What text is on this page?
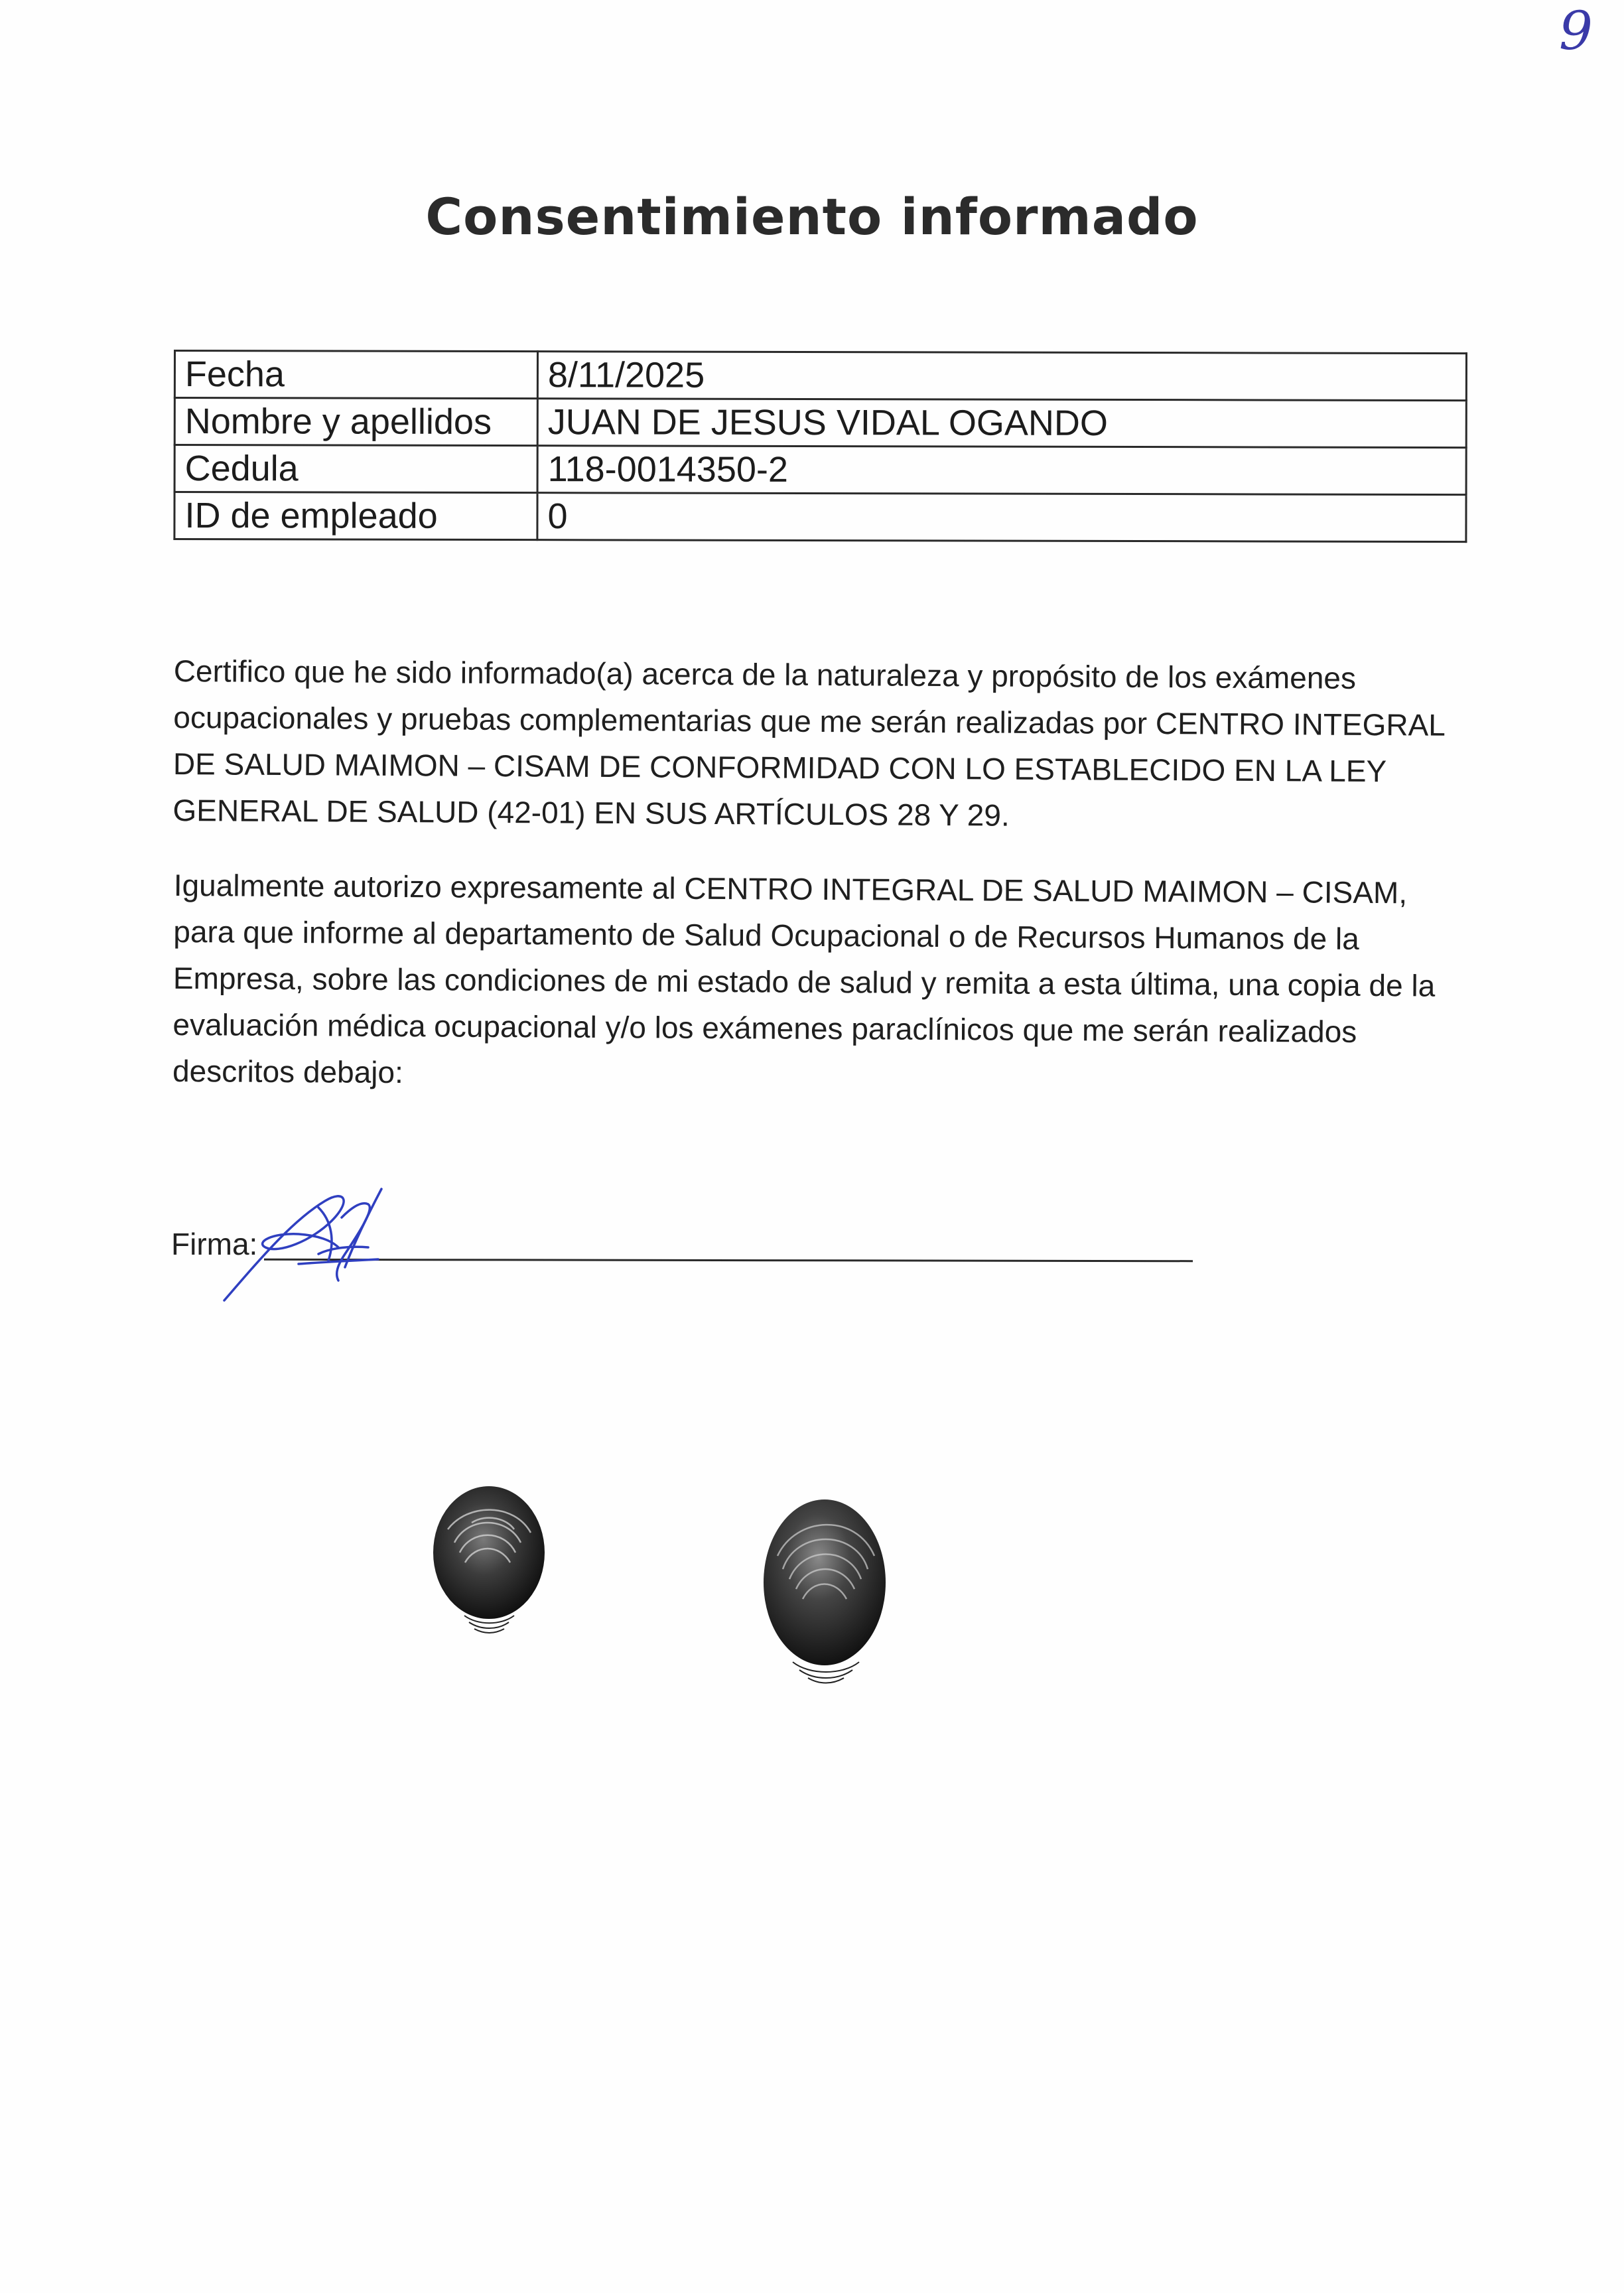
9
Consentimiento informado
Fecha	8/11/2025
Nombre y apellidos	JUAN DE JESUS VIDAL OGANDO
Cedula	118-0014350-2
ID de empleado	0

Certifico que he sido informado(a) acerca de la naturaleza y propósito de los exámenes ocupacionales y pruebas complementarias que me serán realizadas por CENTRO INTEGRAL DE SALUD MAIMON – CISAM DE CONFORMIDAD CON LO ESTABLECIDO EN LA LEY GENERAL DE SALUD (42-01) EN SUS ARTÍCULOS 28 Y 29.

Igualmente autorizo expresamente al CENTRO INTEGRAL DE SALUD MAIMON – CISAM, para que informe al departamento de Salud Ocupacional o de Recursos Humanos de la Empresa, sobre las condiciones de mi estado de salud y remita a esta última, una copia de la evaluación médica ocupacional y/o los exámenes paraclínicos que me serán realizados descritos debajo:

Firma:
